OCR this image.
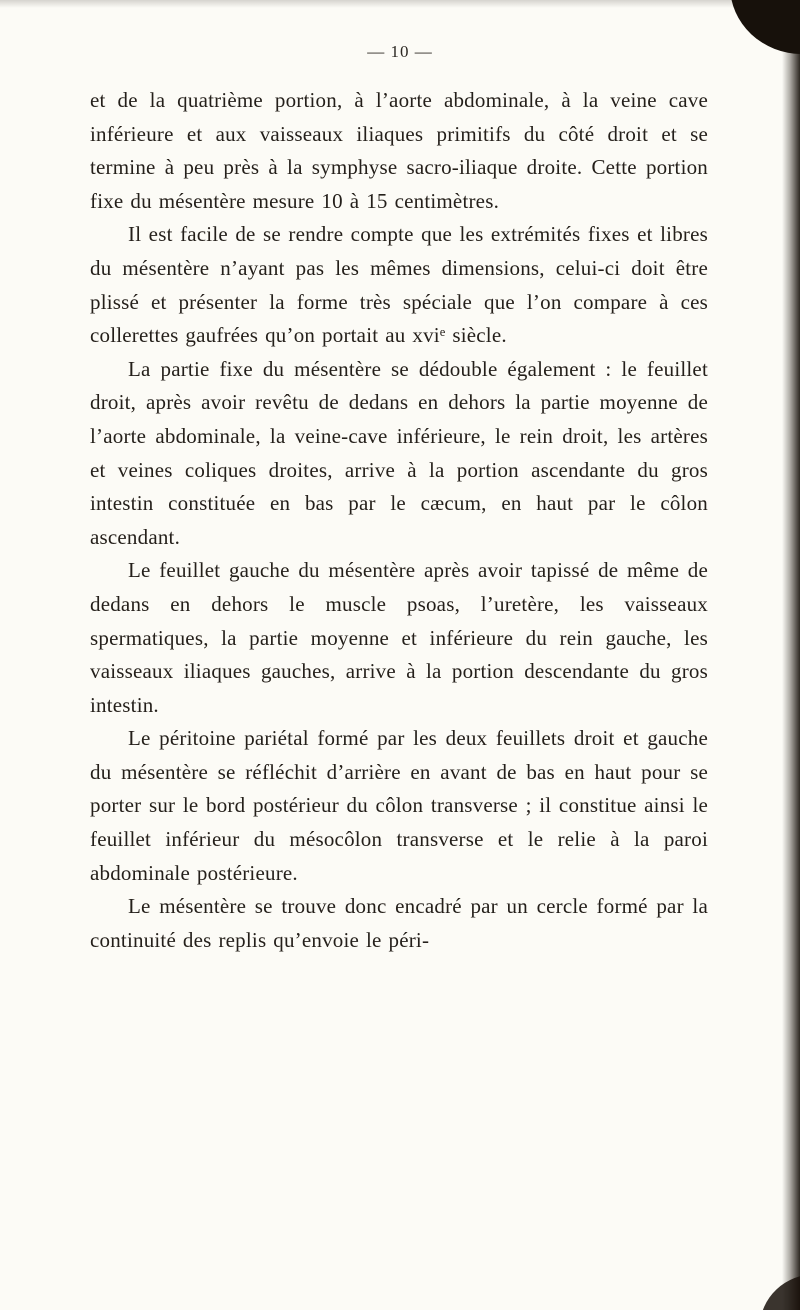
— 10 —

et de la quatrième portion, à l’aorte abdominale, à la veine cave inférieure et aux vaisseaux iliaques primitifs du côté droit et se termine à peu près à la symphyse sacro-iliaque droite. Cette portion fixe du mésentère mesure 10 à 15 centimètres.

Il est facile de se rendre compte que les extrémités fixes et libres du mésentère n’ayant pas les mêmes dimensions, celui-ci doit être plissé et présenter la forme très spéciale que l’on compare à ces collerettes gaufrées qu’on portait au xviᵉ siècle.

La partie fixe du mésentère se dédouble également : le feuillet droit, après avoir revêtu de dedans en dehors la partie moyenne de l’aorte abdominale, la veine-cave inférieure, le rein droit, les artères et veines coliques droites, arrive à la portion ascendante du gros intestin constituée en bas par le cæcum, en haut par le côlon ascendant.

Le feuillet gauche du mésentère après avoir tapissé de même de dedans en dehors le muscle psoas, l’uretère, les vaisseaux spermatiques, la partie moyenne et inférieure du rein gauche, les vaisseaux iliaques gauches, arrive à la portion descendante du gros intestin.

Le péritoine pariétal formé par les deux feuillets droit et gauche du mésentère se réfléchit d’arrière en avant de bas en haut pour se porter sur le bord postérieur du côlon transverse ; il constitue ainsi le feuillet inférieur du mésocôlon transverse et le relie à la paroi abdominale postérieure.

Le mésentère se trouve donc encadré par un cercle formé par la continuité des replis qu’envoie le péri-
